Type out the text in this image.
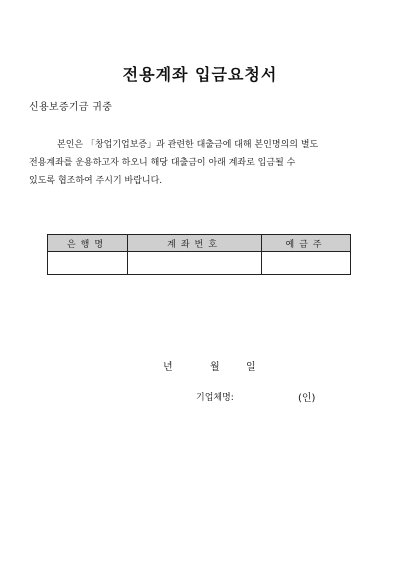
전용계좌 입금요청서
신용보증기금 귀중
본인은 「창업기업보증」과 관련한 대출금에 대해 본인명의의 별도
전용계좌를 운용하고자 하오니 해당 대출금이 아래 계좌로 입금될 수
있도록 협조하여 주시기 바랍니다.
은행명	계좌번호	예금주

년	월	일
기업체명:	(인)
